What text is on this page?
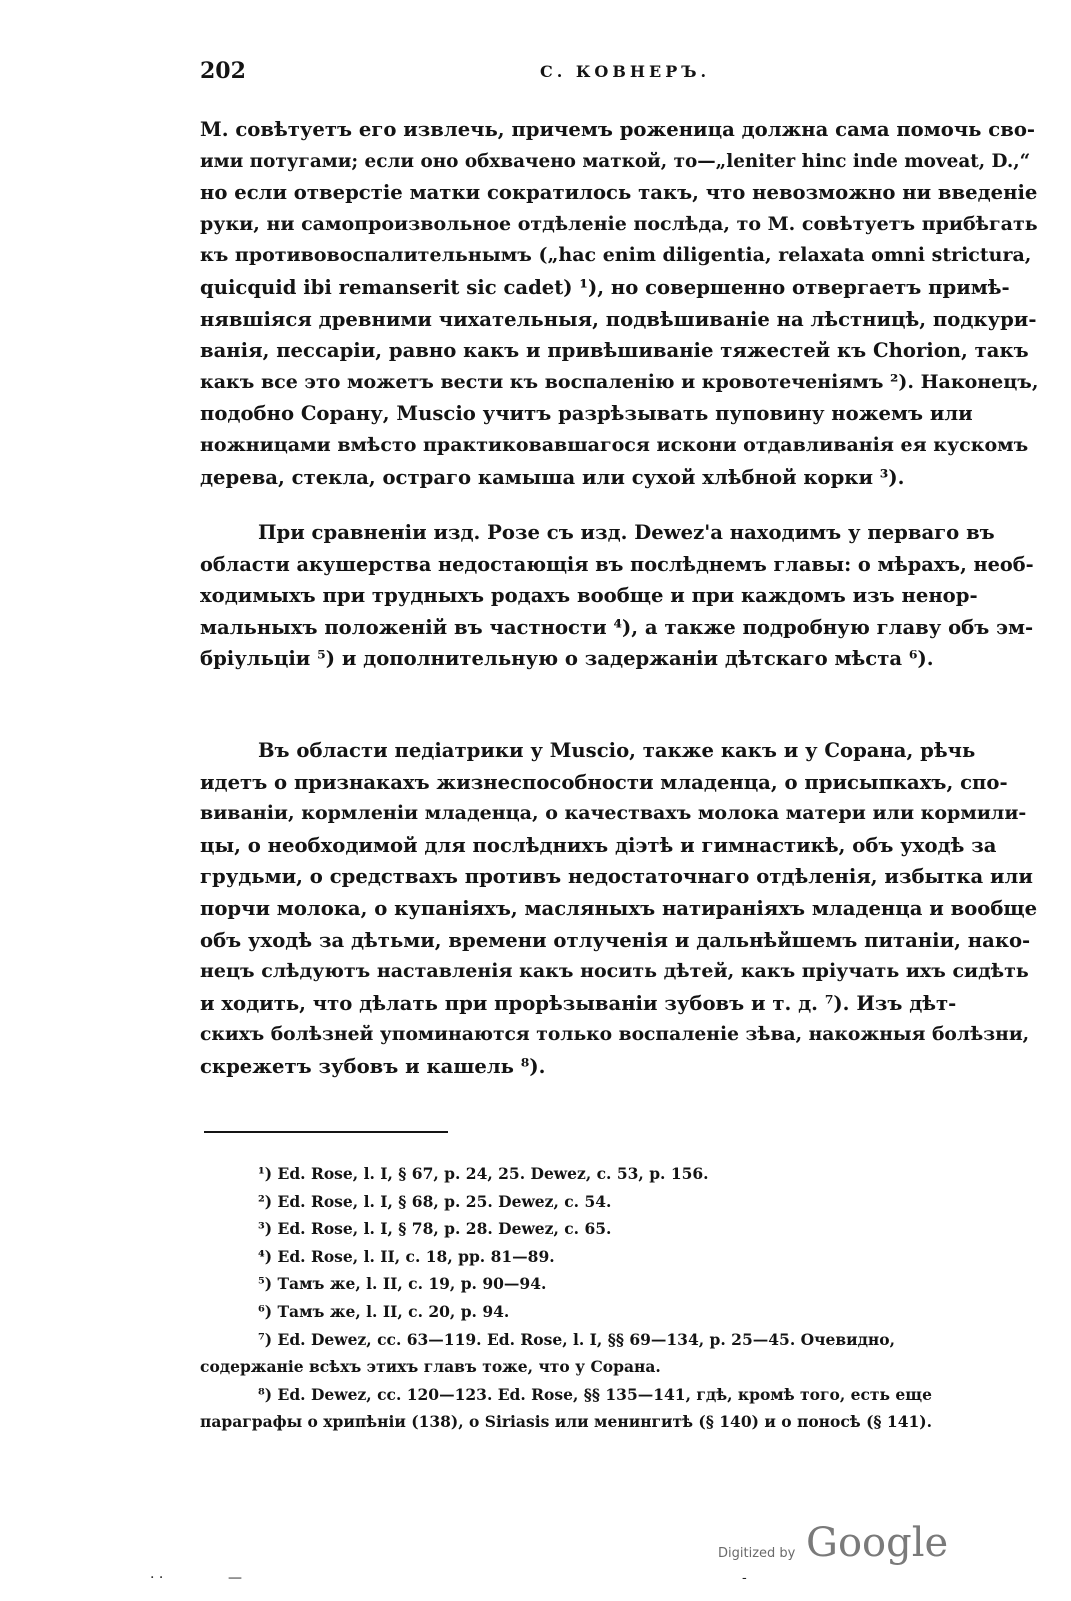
202	С. КОВНЕРЪ.
М. совѣтуетъ его извлечь, причемъ роженица должна сама помочь сво-
ими потугами; если оно обхвачено маткой, то—„leniter hinc inde moveat, D.,“
но если отверстіе матки сократилось такъ, что невозможно ни введеніе
руки, ни самопроизвольное отдѣленіе послѣда, то М. совѣтуетъ прибѣгать
къ противовоспалительнымъ („hac enim diligentia, relaxata omni strictura,
quicquid ibi remanserit sic cadet) ¹), но совершенно отвергаетъ примѣ-
нявшіяся древними чихательныя, подвѣшиваніе на лѣстницѣ, подкури-
ванія, пессаріи, равно какъ и привѣшиваніе тяжестей къ Chorion, такъ
какъ все это можетъ вести къ воспаленію и кровотеченіямъ ²). Наконецъ,
подобно Сорану, Muscio учитъ разрѣзывать пуповину ножемъ или
ножницами вмѣсто практиковавшагося искони отдавливанія ея кускомъ
дерева, стекла, остраго камыша или сухой хлѣбной корки ³).
При сравненіи изд. Розе съ изд. Dewez'a находимъ у перваго въ
области акушерства недостающія въ послѣднемъ главы: о мѣрахъ, необ-
ходимыхъ при трудныхъ родахъ вообще и при каждомъ изъ ненор-
мальныхъ положеній въ частности ⁴), а также подробную главу объ эм-
бріульціи ⁵) и дополнительную о задержаніи дѣтскаго мѣста ⁶).
Въ области педіатрики у Muscio, также какъ и у Сорана, рѣчь
идетъ о признакахъ жизнеспособности младенца, о присыпкахъ, спо-
виваніи, кормленіи младенца, о качествахъ молока матери или кормили-
цы, о необходимой для послѣднихъ діэтѣ и гимнастикѣ, объ уходѣ за
грудьми, о средствахъ противъ недостаточнаго отдѣленія, избытка или
порчи молока, о купаніяхъ, масляныхъ натираніяхъ младенца и вообще
объ уходѣ за дѣтьми, времени отлученія и дальнѣйшемъ питаніи, нако-
нецъ слѣдуютъ наставленія какъ носить дѣтей, какъ пріучать ихъ сидѣть
и ходить, что дѣлать при прорѣзываніи зубовъ и т. д. ⁷). Изъ дѣт-
скихъ болѣзней упоминаются только воспаленіе зѣва, накожныя болѣзни,
скрежетъ зубовъ и кашель ⁸).
¹) Ed. Rose, l. I, § 67, p. 24, 25. Dewez, c. 53, p. 156.
²) Ed. Rose, l. I, § 68, p. 25. Dewez, c. 54.
³) Ed. Rose, l. I, § 78, p. 28. Dewez, c. 65.
⁴) Ed. Rose, l. II, c. 18, pp. 81—89.
⁵) Тамъ же, l. II, c. 19, p. 90—94.
⁶) Тамъ же, l. II, c. 20, p. 94.
⁷) Ed. Dewez, cc. 63—119. Ed. Rose, l. I, §§ 69—134, p. 25—45. Очевидно,
содержаніе всѣхъ этихъ главъ тоже, что у Сорана.
⁸) Ed. Dewez, cc. 120—123. Ed. Rose, §§ 135—141, гдѣ, кромѣ того, есть еще
параграфы о хрипѣніи (138), о Siriasis или менингитѣ (§ 140) и о поносѣ (§ 141).
Digitized by Google
· ·	—	-
